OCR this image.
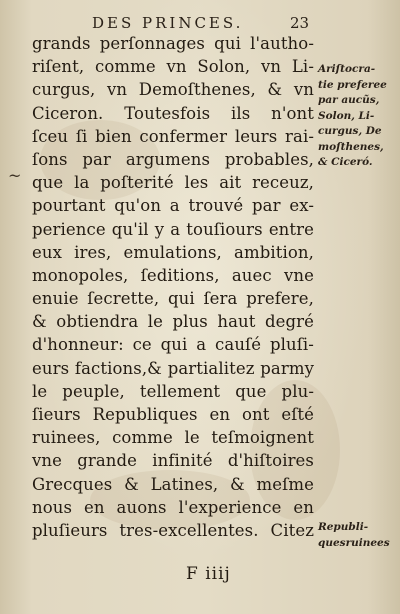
DES PRINCES.	23
~
grands perſonnages qui l'autho-
riſent, comme vn Solon, vn Li-
curgus, vn Demoſthenes, & vn
Ciceron. Toutesfois ils n'ont
ſceu ſi bien confermer leurs rai-
ſons par argumens probables,
que la poſterité les ait receuz,
pourtant qu'on a trouvé par ex-
perience qu'il y a touſiours entre
eux ires, emulations, ambition,
monopoles, ſeditions, auec vne
enuie ſecrette, qui ſera prefere,
& obtiendra le plus haut degré
d'honneur: ce qui a cauſé pluſi-
eurs factions,& partialitez parmy
le peuple, tellement que plu-
ſieurs Republiques en ont eſté
ruinees, comme le teſmoignent
vne grande infinité d'hiſtoires
Grecques & Latines, & meſme
nous en auons l'experience en
pluſieurs tres-excellentes. Citez
Ariſtocra-
tie preferee
par aucũs,
Solon, Li-
curgus, De
moſthenes,
& Ciceró.
Republi-
quesruinees
F iiij
